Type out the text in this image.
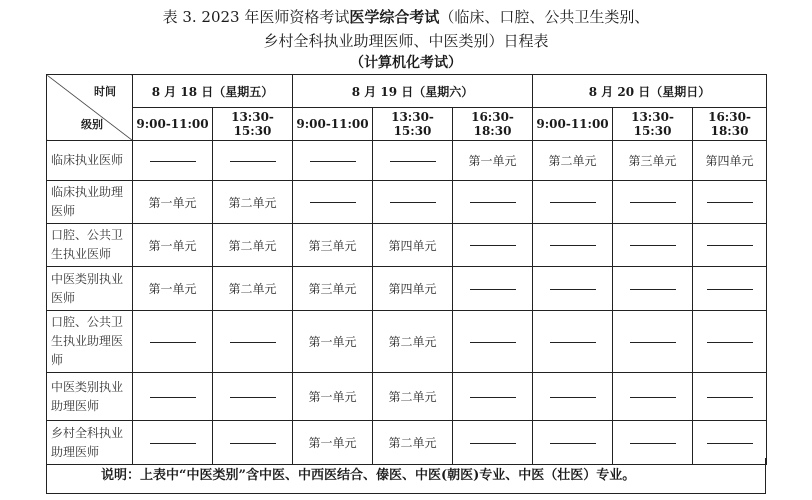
表 3. 2023 年医师资格考试医学综合考试（临床、口腔、公共卫生类别、
乡村全科执业助理医师、中医类别）日程表
（计算机化考试）
时间
级别	8 月 18 日（星期五）		8 月 19 日（星期六）			8 月 20 日（星期日）		
	9:00-11:00	13:30-15:30	9:00-11:00	13:30-15:30	16:30-18:30	9:00-11:00	13:30-15:30	16:30-18:30
临床执业医师					第一单元	第二单元	第三单元	第四单元
临床执业助理医师	第一单元	第二单元						
口腔、公共卫生执业医师	第一单元	第二单元	第三单元	第四单元				
中医类别执业医师	第一单元	第二单元	第三单元	第四单元				
口腔、公共卫生执业助理医师			第一单元	第二单元				
中医类别执业助理医师			第一单元	第二单元				
乡村全科执业助理医师			第一单元	第二单元				
说明：上表中“中医类别”含中医、中西医结合、傣医、中医(朝医)专业、中医（壮医）专业。
